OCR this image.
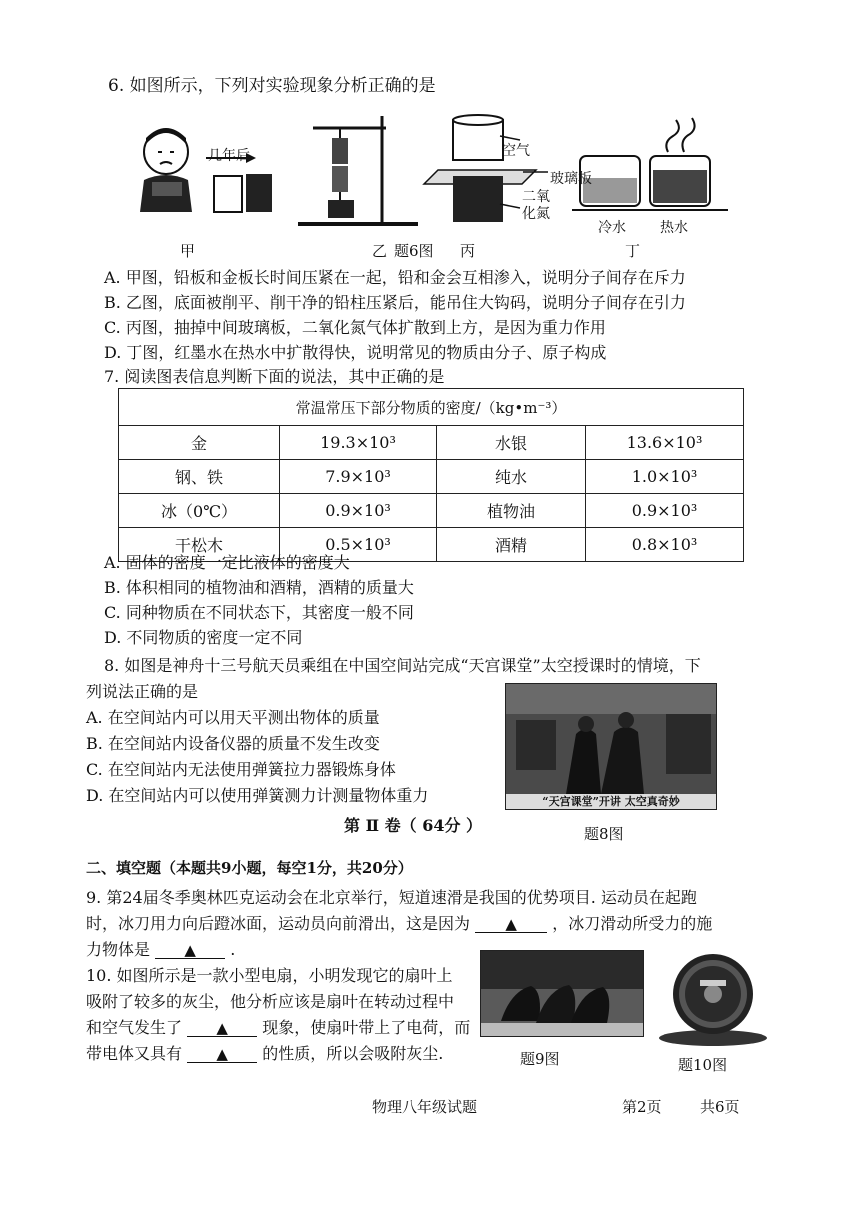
6. 如图所示，下列对实验现象分析正确的是
几年后	空气
玻璃板
二氧
化氮
冷水 热水
甲	乙 题6图 丙	丁
A. 甲图，铅板和金板长时间压紧在一起，铅和金会互相渗入，说明分子间存在斥力
B. 乙图，底面被削平、削干净的铅柱压紧后，能吊住大钩码，说明分子间存在引力
C. 丙图，抽掉中间玻璃板，二氧化氮气体扩散到上方，是因为重力作用
D. 丁图，红墨水在热水中扩散得快，说明常见的物质由分子、原子构成
7. 阅读图表信息判断下面的说法，其中正确的是
常温常压下部分物质的密度/（kg•m⁻³）			
金	19.3×10³	水银	13.6×10³
钢、铁	7.9×10³	纯水	1.0×10³
冰（0℃）	0.9×10³	植物油	0.9×10³
干松木	0.5×10³	酒精	0.8×10³
A. 固体的密度一定比液体的密度大
B. 体积相同的植物油和酒精，酒精的质量大
C. 同种物质在不同状态下，其密度一般不同
D. 不同物质的密度一定不同
8. 如图是神舟十三号航天员乘组在中国空间站完成“天宫课堂”太空授课时的情境，下
列说法正确的是
A. 在空间站内可以用天平测出物体的质量
B. 在空间站内设备仪器的质量不发生改变
C. 在空间站内无法使用弹簧拉力器锻炼身体
D. 在空间站内可以使用弹簧测力计测量物体重力	“天宫课堂”开讲 太空真奇妙
题8图
第 Ⅱ 卷（ 64分 ）
二、填空题（本题共9小题，每空1分，共20分）
9. 第24届冬季奥林匹克运动会在北京举行，短道速滑是我国的优势项目. 运动员在起跑
时，冰刀用力向后蹬冰面，运动员向前滑出，这是因为 ▲ ，冰刀滑动所受力的施
力物体是 ▲ .
10. 如图所示是一款小型电扇，小明发现它的扇叶上
吸附了较多的灰尘，他分析应该是扇叶在转动过程中
和空气发生了 ▲ 现象，使扇叶带上了电荷，而
带电体又具有 ▲ 的性质，所以会吸附灰尘.	题9图	题10图
物理八年级试题	第2页	共6页
